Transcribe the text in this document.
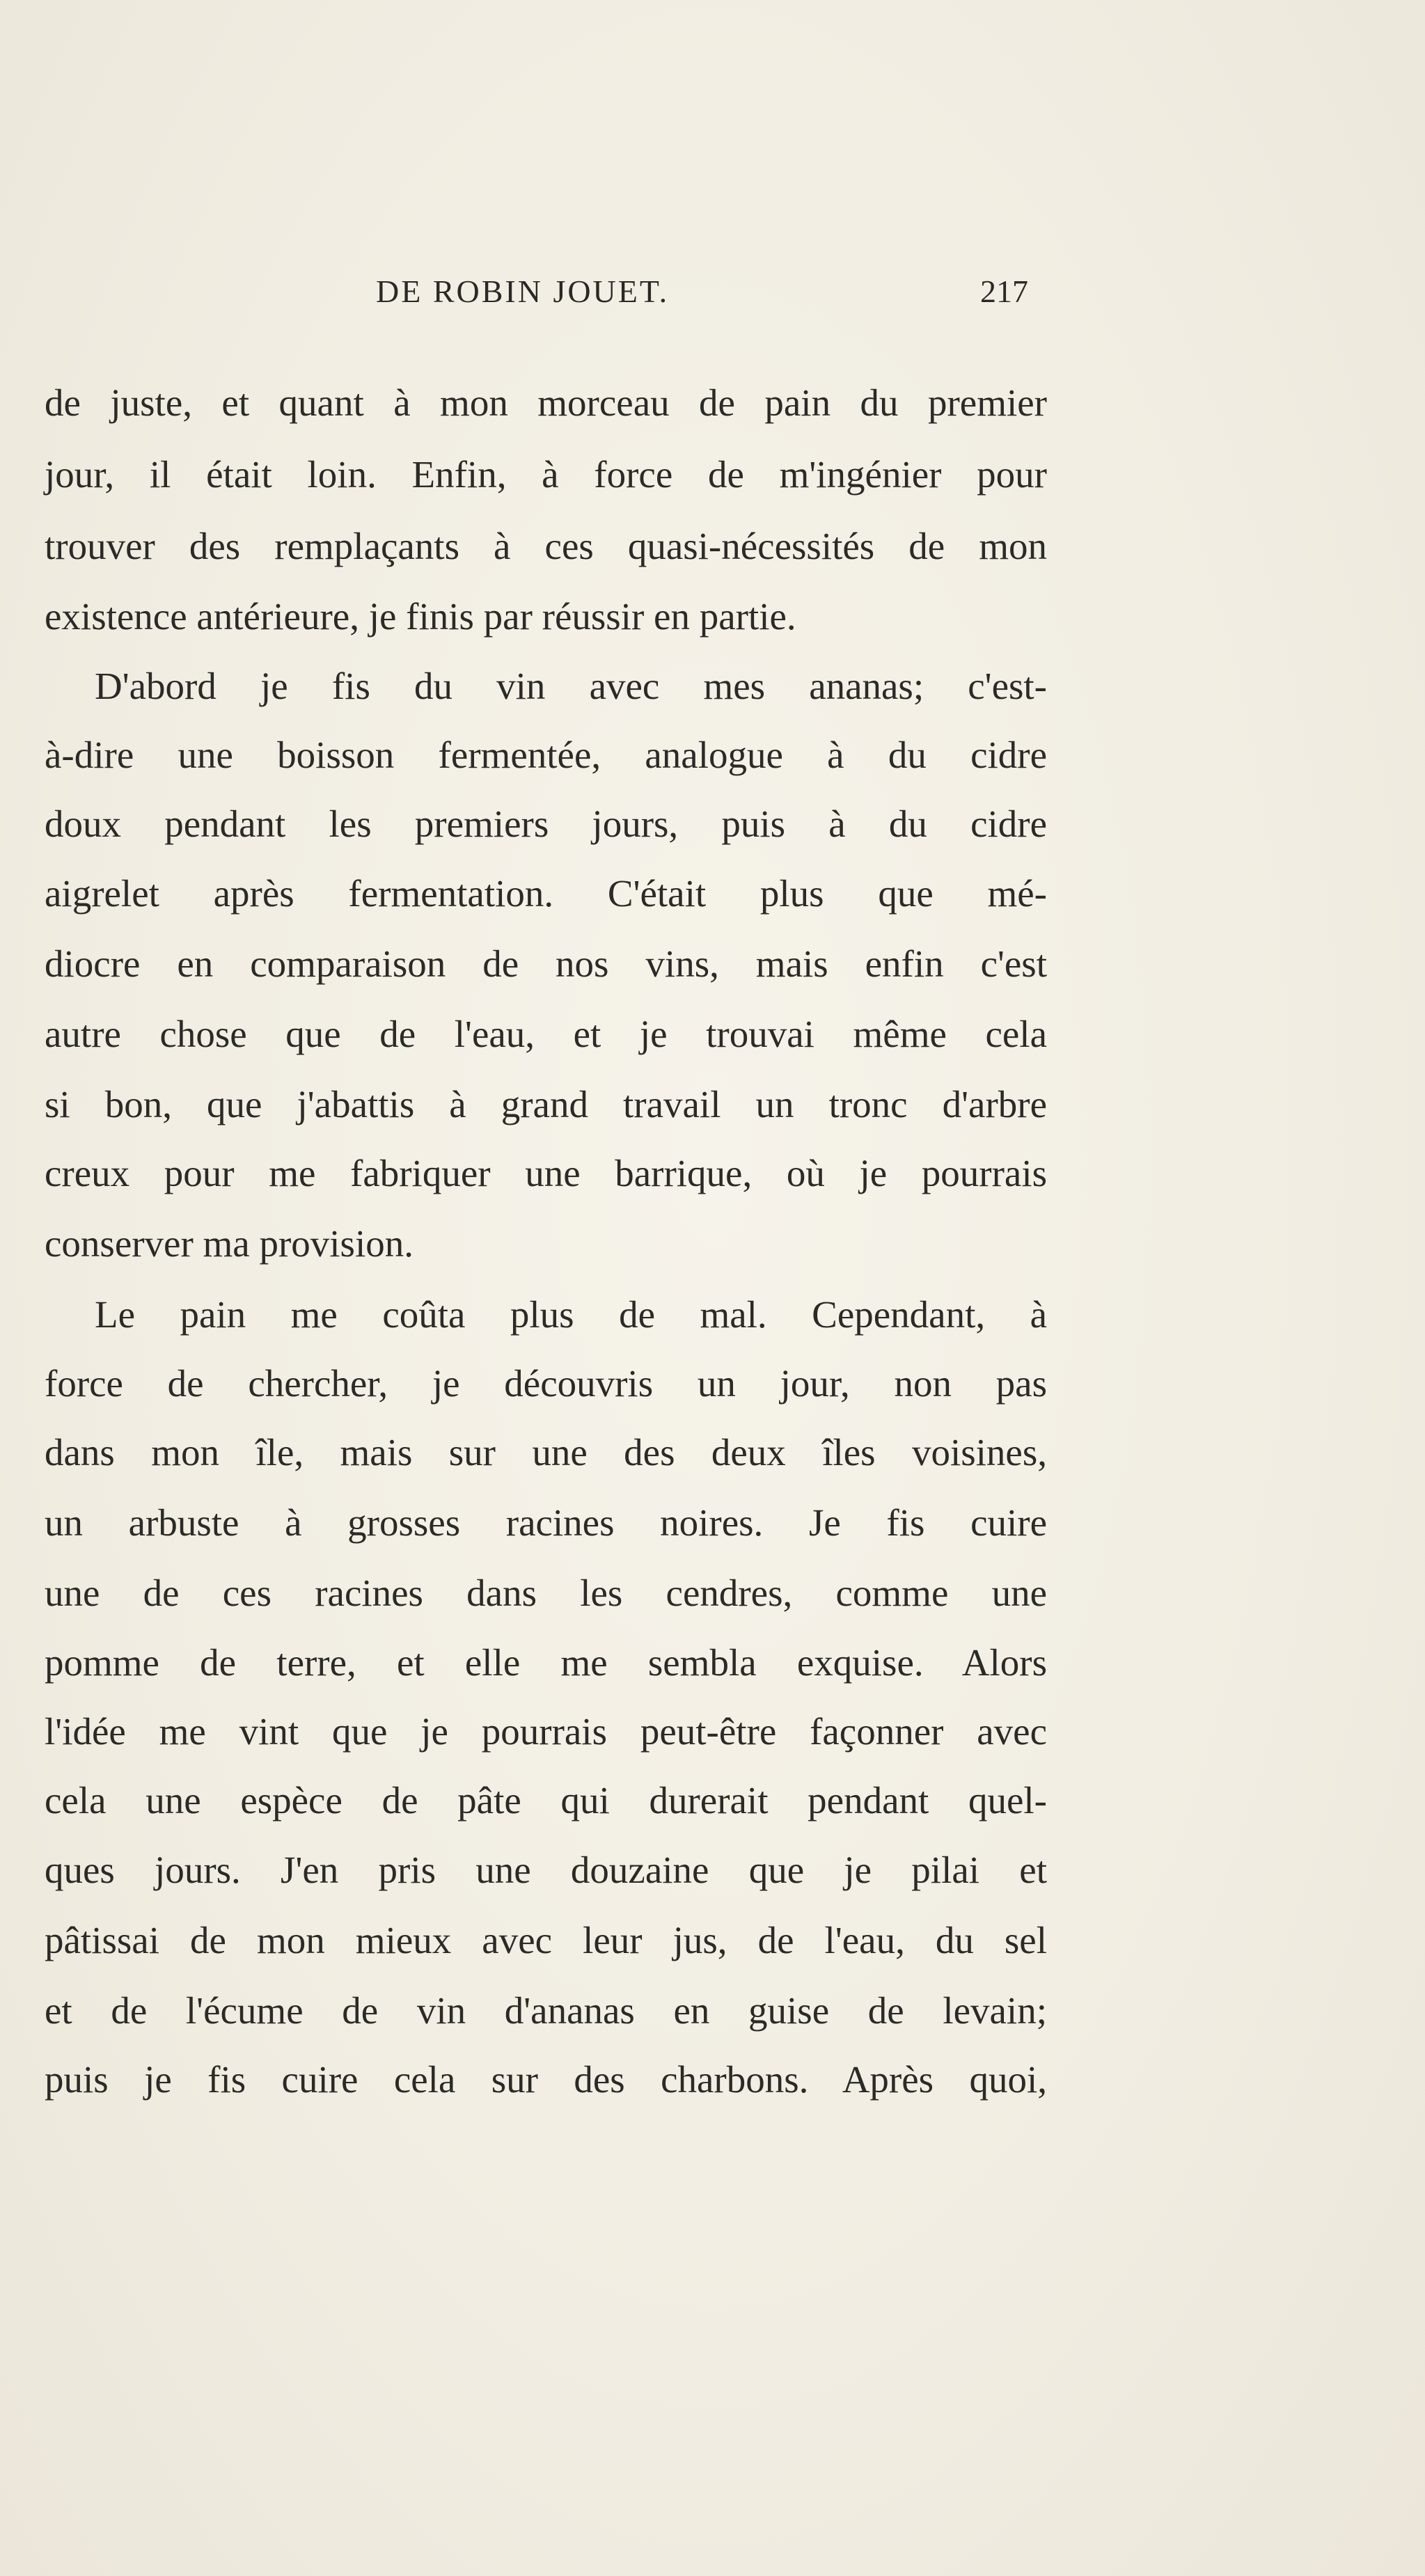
DE ROBIN JOUET.	217
de juste, et quant à mon morceau de pain du premier
jour, il était loin. Enfin, à force de m'ingénier pour
trouver des remplaçants à ces quasi-nécessités de mon
existence antérieure, je finis par réussir en partie.
D'abord je fis du vin avec mes ananas; c'est-
à-dire une boisson fermentée, analogue à du cidre
doux pendant les premiers jours, puis à du cidre
aigrelet après fermentation. C'était plus que mé-
diocre en comparaison de nos vins, mais enfin c'est
autre chose que de l'eau, et je trouvai même cela
si bon, que j'abattis à grand travail un tronc d'arbre
creux pour me fabriquer une barrique, où je pourrais
conserver ma provision.
Le pain me coûta plus de mal. Cependant, à
force de chercher, je découvris un jour, non pas
dans mon île, mais sur une des deux îles voisines,
un arbuste à grosses racines noires. Je fis cuire
une de ces racines dans les cendres, comme une
pomme de terre, et elle me sembla exquise. Alors
l'idée me vint que je pourrais peut-être façonner avec
cela une espèce de pâte qui durerait pendant quel-
ques jours. J'en pris une douzaine que je pilai et
pâtissai de mon mieux avec leur jus, de l'eau, du sel
et de l'écume de vin d'ananas en guise de levain;
puis je fis cuire cela sur des charbons. Après quoi,
